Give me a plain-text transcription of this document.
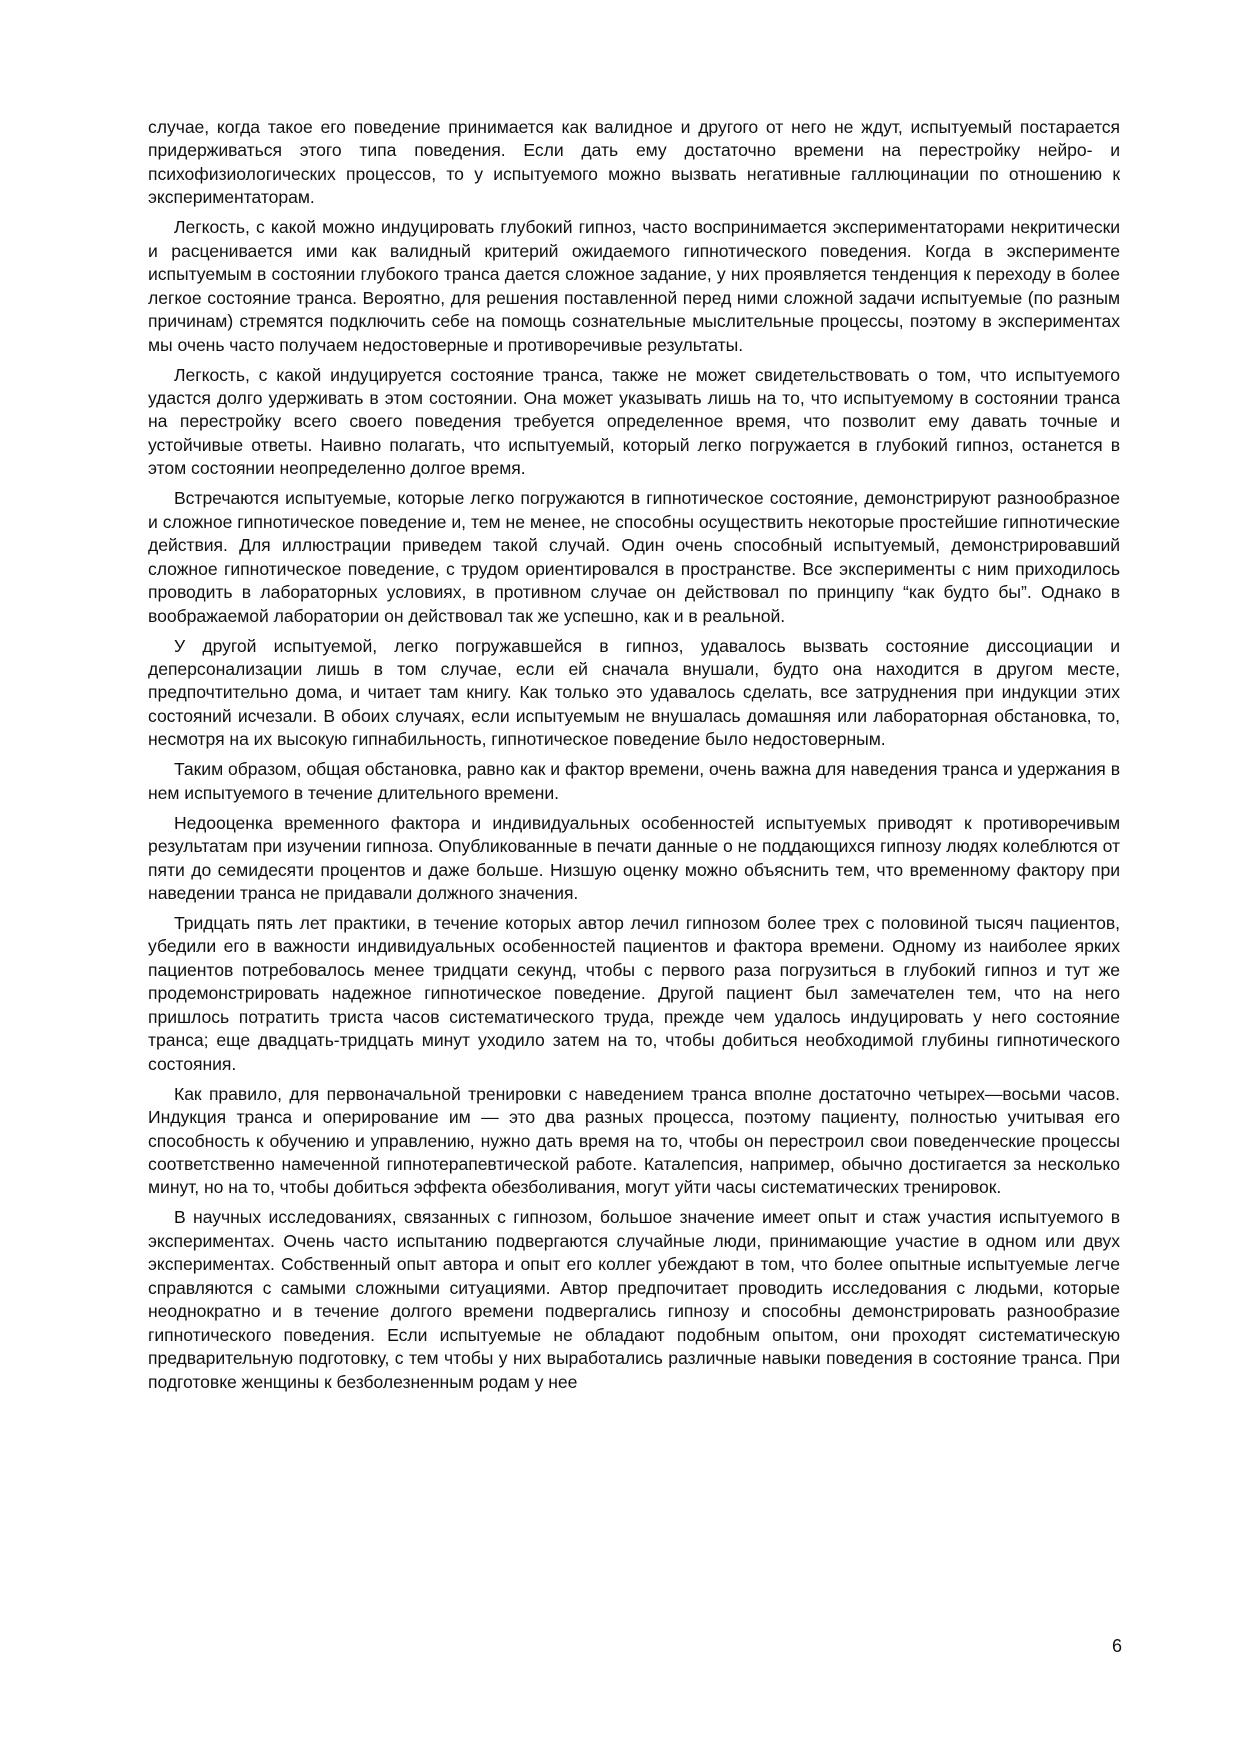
случае, когда такое его поведение принимается как валидное и другого от него не ждут, испытуемый постарается придерживаться этого типа поведения. Если дать ему достаточно времени на перестройку нейро- и психофизиологических процессов, то у испытуемого можно вызвать негативные галлюцинации по отношению к экспериментаторам.

Легкость, с какой можно индуцировать глубокий гипноз, часто воспринимается экспериментаторами некритически и расценивается ими как валидный критерий ожидаемого гипнотического поведения. Когда в эксперименте испытуемым в состоянии глубокого транса дается сложное задание, у них проявляется тенденция к переходу в более легкое состояние транса. Вероятно, для решения поставленной перед ними сложной задачи испытуемые (по разным причинам) стремятся подключить себе на помощь сознательные мыслительные процессы, поэтому в экспериментах мы очень часто получаем недостоверные и противоречивые результаты.

Легкость, с какой индуцируется состояние транса, также не может свидетельствовать о том, что испытуемого удастся долго удерживать в этом состоянии. Она может указывать лишь на то, что испытуемому в состоянии транса на перестройку всего своего поведения требуется определенное время, что позволит ему давать точные и устойчивые ответы. Наивно полагать, что испытуемый, который легко погружается в глубокий гипноз, останется в этом состоянии неопределенно долгое время.

Встречаются испытуемые, которые легко погружаются в гипнотическое состояние, демонстрируют разнообразное и сложное гипнотическое поведение и, тем не менее, не способны осуществить некоторые простейшие гипнотические действия. Для иллюстрации приведем такой случай. Один очень способный испытуемый, демонстрировавший сложное гипнотическое поведение, с трудом ориентировался в пространстве. Все эксперименты с ним приходилось проводить в лабораторных условиях, в противном случае он действовал по принципу “как будто бы”. Однако в воображаемой лаборатории он действовал так же успешно, как и в реальной.

У другой испытуемой, легко погружавшейся в гипноз, удавалось вызвать состояние диссоциации и деперсонализации лишь в том случае, если ей сначала внушали, будто она находится в другом месте, предпочтительно дома, и читает там книгу. Как только это удавалось сделать, все затруднения при индукции этих состояний исчезали. В обоих случаях, если испытуемым не внушалась домашняя или лабораторная обстановка, то, несмотря на их высокую гипнабильность, гипнотическое поведение было недостоверным.

Таким образом, общая обстановка, равно как и фактор времени, очень важна для наведения транса и удержания в нем испытуемого в течение длительного времени.

Недооценка временного фактора и индивидуальных особенностей испытуемых приводят к противоречивым результатам при изучении гипноза. Опубликованные в печати данные о не поддающихся гипнозу людях колеблются от пяти до семидесяти процентов и даже больше. Низшую оценку можно объяснить тем, что временному фактору при наведении транса не придавали должного значения.

Тридцать пять лет практики, в течение которых автор лечил гипнозом более трех с половиной тысяч пациентов, убедили его в важности индивидуальных особенностей пациентов и фактора времени. Одному из наиболее ярких пациентов потребовалось менее тридцати секунд, чтобы с первого раза погрузиться в глубокий гипноз и тут же продемонстрировать надежное гипнотическое поведение. Другой пациент был замечателен тем, что на него пришлось потратить триста часов систематического труда, прежде чем удалось индуцировать у него состояние транса; еще двадцать-тридцать минут уходило затем на то, чтобы добиться необходимой глубины гипнотического состояния.

Как правило, для первоначальной тренировки с наведением транса вполне достаточно четырех—восьми часов. Индукция транса и оперирование им — это два разных процесса, поэтому пациенту, полностью учитывая его способность к обучению и управлению, нужно дать время на то, чтобы он перестроил свои поведенческие процессы соответственно намеченной гипнотерапевтической работе. Каталепсия, например, обычно достигается за несколько минут, но на то, чтобы добиться эффекта обезболивания, могут уйти часы систематических тренировок.

В научных исследованиях, связанных с гипнозом, большое значение имеет опыт и стаж участия испытуемого в экспериментах. Очень часто испытанию подвергаются случайные люди, принимающие участие в одном или двух экспериментах. Собственный опыт автора и опыт его коллег убеждают в том, что более опытные испытуемые легче справляются с самыми сложными ситуациями. Автор предпочитает проводить исследования с людьми, которые неоднократно и в течение долгого времени подвергались гипнозу и способны демонстрировать разнообразие гипнотического поведения. Если испытуемые не обладают подобным опытом, они проходят систематическую предварительную подготовку, с тем чтобы у них выработались различные навыки поведения в состояние транса. При подготовке женщины к безболезненным родам у нее

6
